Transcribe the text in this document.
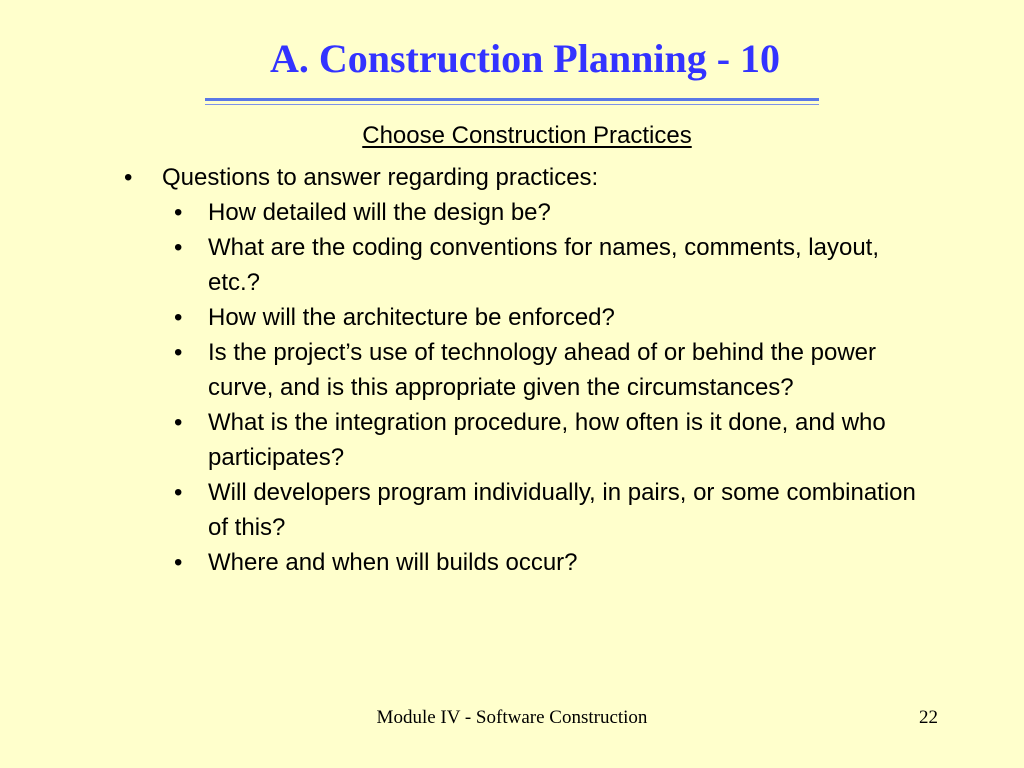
A. Construction Planning - 10
Choose Construction Practices
• Questions to answer regarding practices:
• How detailed will the design be?
• What are the coding conventions for names, comments, layout, etc.?
• How will the architecture be enforced?
• Is the project’s use of technology ahead of or behind the power curve, and is this appropriate given the circumstances?
• What is the integration procedure, how often is it done, and who participates?
• Will developers program individually, in pairs, or some combination of this?
• Where and when will builds occur?
Module IV - Software Construction	22
